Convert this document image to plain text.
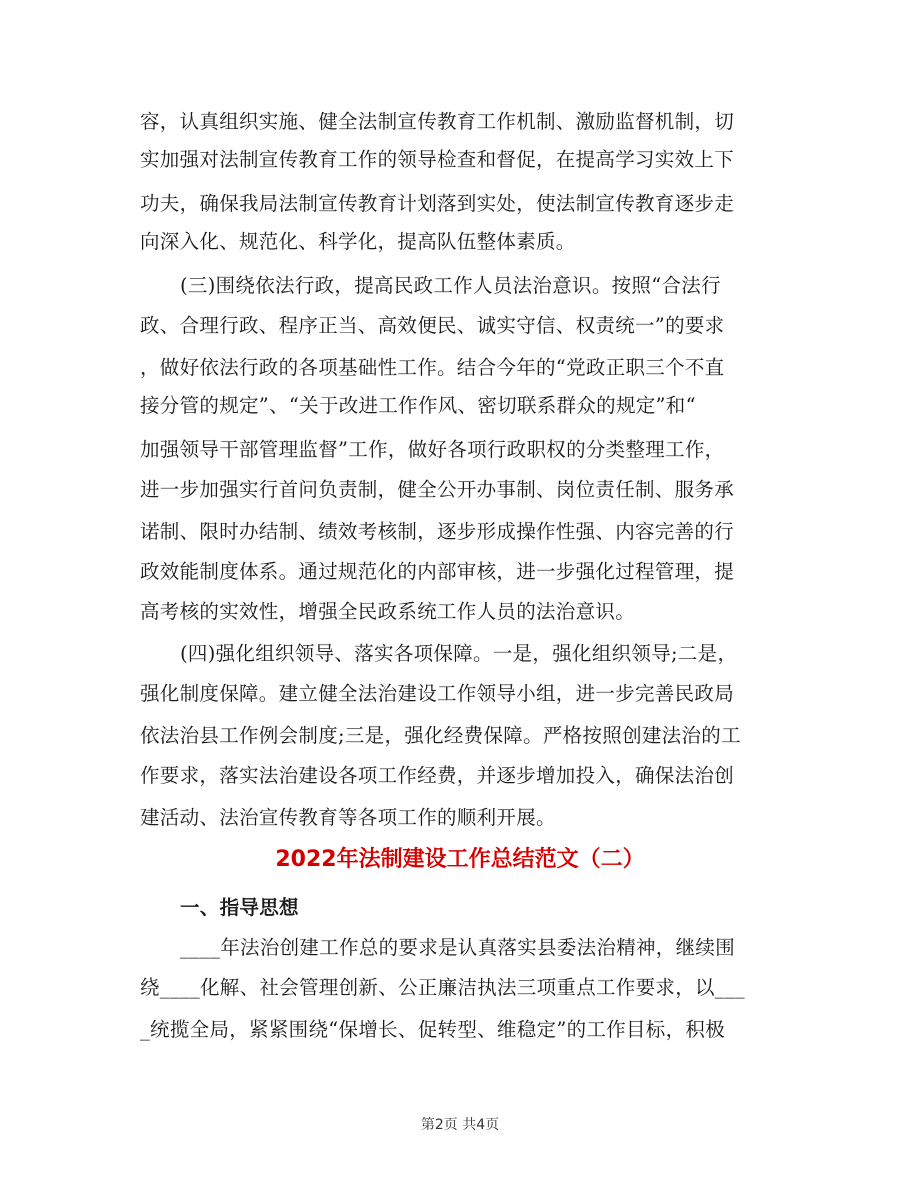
容，认真组织实施、健全法制宣传教育工作机制、激励监督机制，切
实加强对法制宣传教育工作的领导检查和督促，在提高学习实效上下
功夫，确保我局法制宣传教育计划落到实处，使法制宣传教育逐步走
向深入化、规范化、科学化，提高队伍整体素质。
(三)围绕依法行政，提高民政工作人员法治意识。按照“合法行
政、合理行政、程序正当、高效便民、诚实守信、权责统一”的要求
，做好依法行政的各项基础性工作。结合今年的“党政正职三个不直
接分管的规定”、“关于改进工作作风、密切联系群众的规定”和“
加强领导干部管理监督”工作，做好各项行政职权的分类整理工作，
进一步加强实行首问负责制，健全公开办事制、岗位责任制、服务承
诺制、限时办结制、绩效考核制，逐步形成操作性强、内容完善的行
政效能制度体系。通过规范化的内部审核，进一步强化过程管理，提
高考核的实效性，增强全民政系统工作人员的法治意识。
(四)强化组织领导、落实各项保障。一是，强化组织领导;二是，
强化制度保障。建立健全法治建设工作领导小组，进一步完善民政局
依法治县工作例会制度;三是，强化经费保障。严格按照创建法治的工
作要求，落实法治建设各项工作经费，并逐步增加投入，确保法治创
建活动、法治宣传教育等各项工作的顺利开展。
2022年法制建设工作总结范文（二）
一、指导思想
____年法治创建工作总的要求是认真落实县委法治精神，继续围
绕____化解、社会管理创新、公正廉洁执法三项重点工作要求，以___
_统揽全局，紧紧围绕“保增长、促转型、维稳定”的工作目标，积极
第2页 共4页
